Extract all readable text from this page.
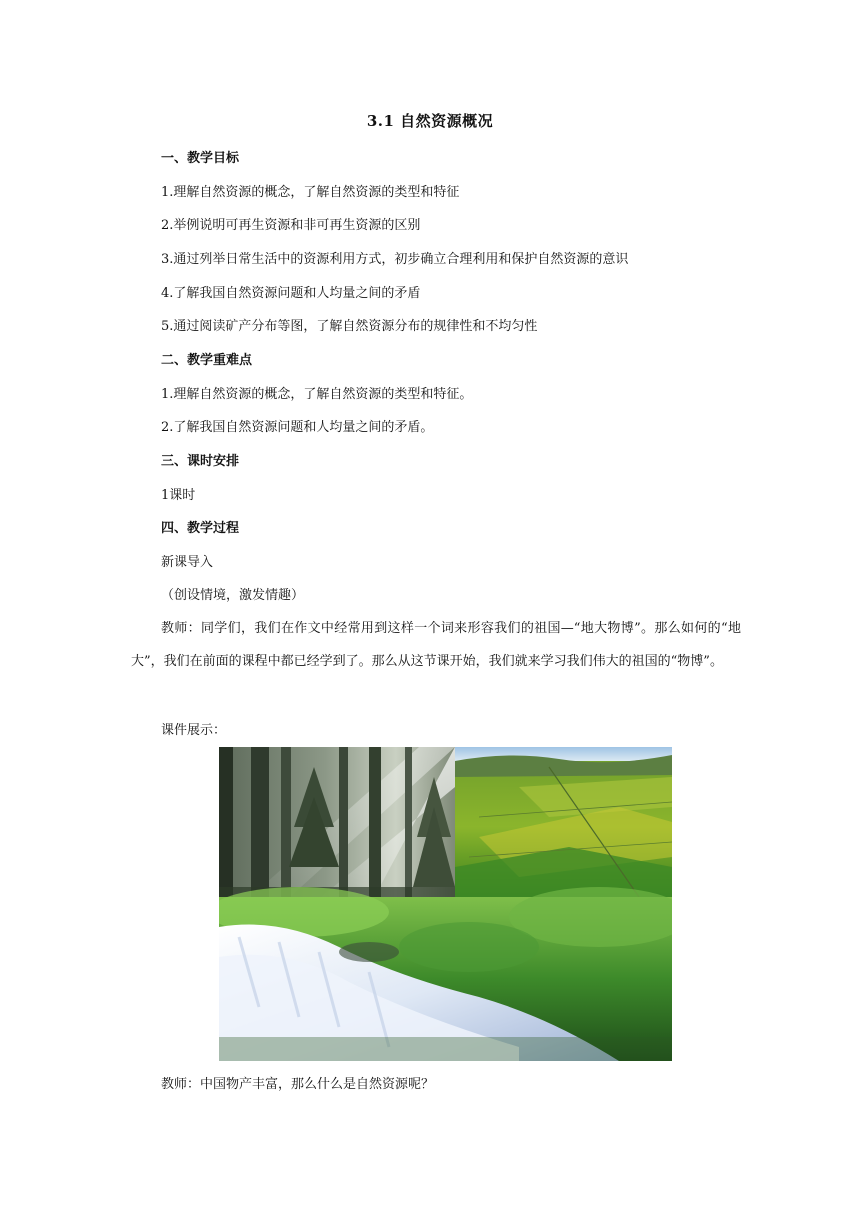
3.1 自然资源概况
一、教学目标
1.理解自然资源的概念，了解自然资源的类型和特征
2.举例说明可再生资源和非可再生资源的区别
3.通过列举日常生活中的资源利用方式，初步确立合理利用和保护自然资源的意识
4.了解我国自然资源问题和人均量之间的矛盾
5.通过阅读矿产分布等图，了解自然资源分布的规律性和不均匀性
二、教学重难点
1.理解自然资源的概念，了解自然资源的类型和特征。
2.了解我国自然资源问题和人均量之间的矛盾。
三、课时安排
1课时
四、教学过程
新课导入
（创设情境，激发情趣）
教师：同学们，我们在作文中经常用到这样一个词来形容我们的祖国—“地大物博”。那么如何的“地大”，我们在前面的课程中都已经学到了。那么从这节课开始，我们就来学习我们伟大的祖国的“物博”。
课件展示：
教师：中国物产丰富，那么什么是自然资源呢？
